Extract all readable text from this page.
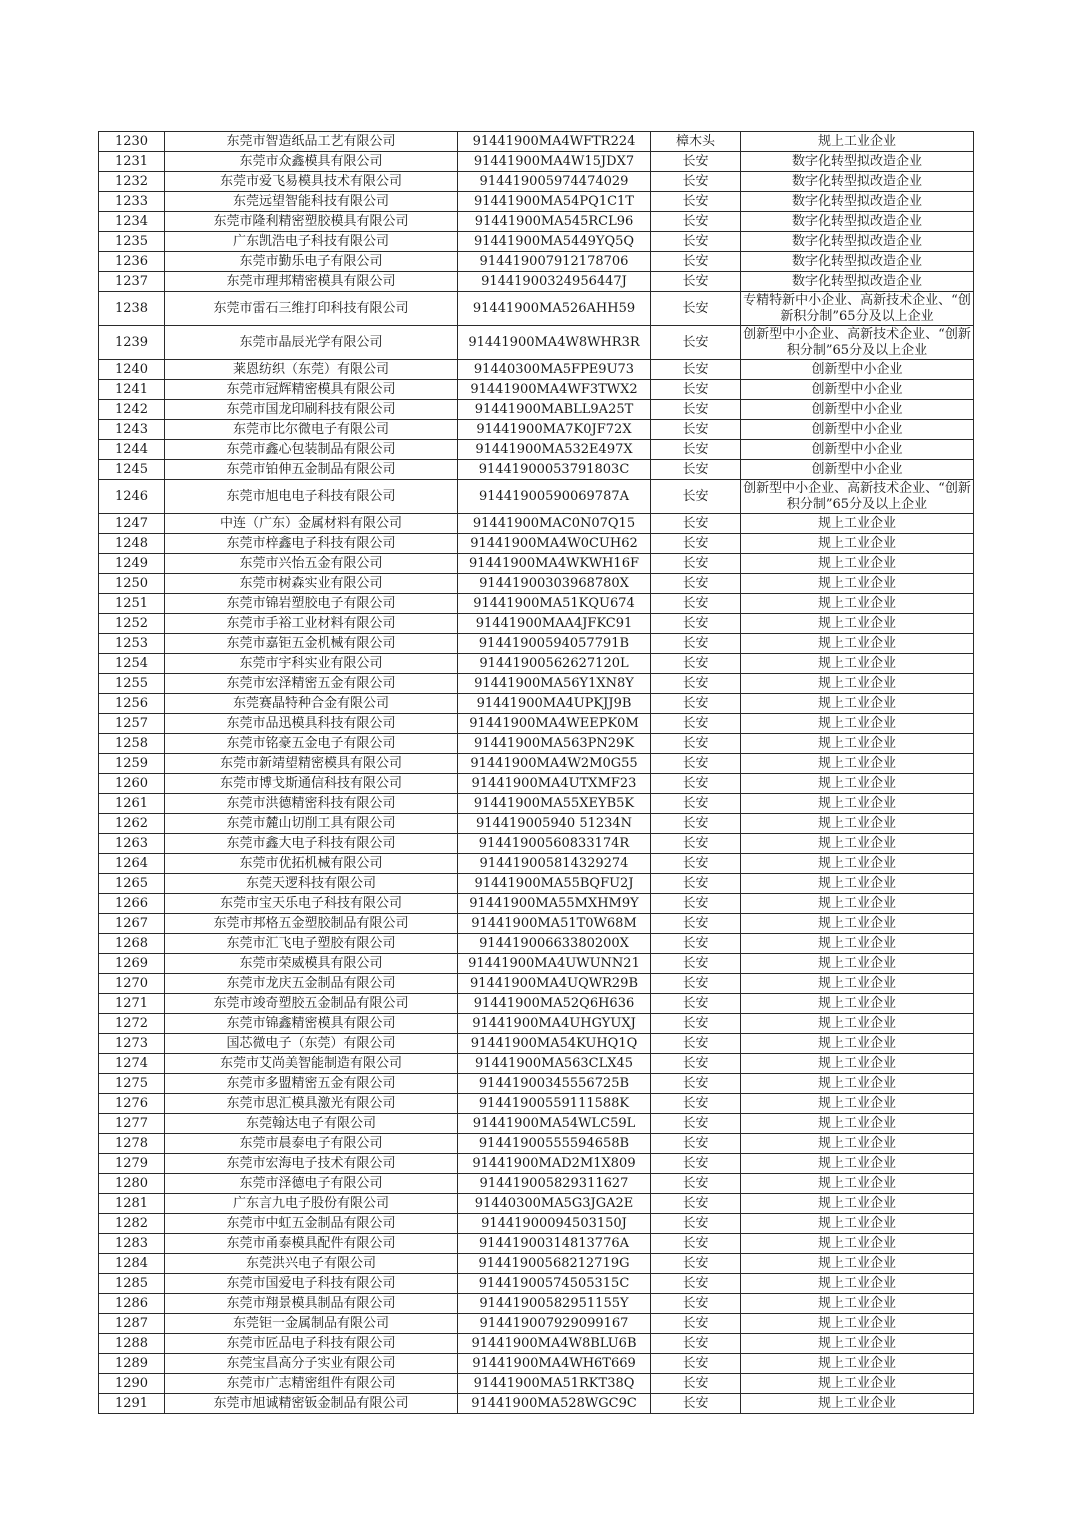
1230	东莞市智造纸品工艺有限公司	91441900MA4WFTR224	樟木头	规上工业企业
1231	东莞市众鑫模具有限公司	91441900MA4W15JDX7	长安	数字化转型拟改造企业
1232	东莞市爱飞易模具技术有限公司	914419005974474029	长安	数字化转型拟改造企业
1233	东莞远望智能科技有限公司	91441900MA54PQ1C1T	长安	数字化转型拟改造企业
1234	东莞市隆利精密塑胶模具有限公司	91441900MA545RCL96	长安	数字化转型拟改造企业
1235	广东凯浩电子科技有限公司	91441900MA5449YQ5Q	长安	数字化转型拟改造企业
1236	东莞市勤乐电子有限公司	914419007912178706	长安	数字化转型拟改造企业
1237	东莞市理邦精密模具有限公司	91441900324956447J	长安	数字化转型拟改造企业
1238	东莞市雷石三维打印科技有限公司	91441900MA526AHH59	长安	专精特新中小企业、高新技术企业、“创新积分制”65分及以上企业
1239	东莞市晶辰光学有限公司	91441900MA4W8WHR3R	长安	创新型中小企业、高新技术企业、“创新积分制”65分及以上企业
1240	莱恩纺织（东莞）有限公司	91440300MA5FPE9U73	长安	创新型中小企业
1241	东莞市冠辉精密模具有限公司	91441900MA4WF3TWX2	长安	创新型中小企业
1242	东莞市国龙印刷科技有限公司	91441900MABLL9A25T	长安	创新型中小企业
1243	东莞市比尔微电子有限公司	91441900MA7K0JF72X	长安	创新型中小企业
1244	东莞市鑫心包装制品有限公司	91441900MA532E497X	长安	创新型中小企业
1245	东莞市铂伸五金制品有限公司	91441900053791803C	长安	创新型中小企业
1246	东莞市旭电电子科技有限公司	91441900590069787A	长安	创新型中小企业、高新技术企业、“创新积分制”65分及以上企业
1247	中连（广东）金属材料有限公司	91441900MAC0N07Q15	长安	规上工业企业
1248	东莞市梓鑫电子科技有限公司	91441900MA4W0CUH62	长安	规上工业企业
1249	东莞市兴怡五金有限公司	91441900MA4WKWH16F	长安	规上工业企业
1250	东莞市树森实业有限公司	91441900303968780X	长安	规上工业企业
1251	东莞市锦岩塑胶电子有限公司	91441900MA51KQU674	长安	规上工业企业
1252	东莞市手裕工业材料有限公司	91441900MAA4JFKC91	长安	规上工业企业
1253	东莞市嘉钜五金机械有限公司	91441900594057791B	长安	规上工业企业
1254	东莞市宇科实业有限公司	91441900562627120L	长安	规上工业企业
1255	东莞市宏泽精密五金有限公司	91441900MA56Y1XN8Y	长安	规上工业企业
1256	东莞赛晶特种合金有限公司	91441900MA4UPKJJ9B	长安	规上工业企业
1257	东莞市品迅模具科技有限公司	91441900MA4WEEPK0M	长安	规上工业企业
1258	东莞市铭豪五金电子有限公司	91441900MA563PN29K	长安	规上工业企业
1259	东莞市新靖望精密模具有限公司	91441900MA4W2M0G55	长安	规上工业企业
1260	东莞市博戈斯通信科技有限公司	91441900MA4UTXMF23	长安	规上工业企业
1261	东莞市洪德精密科技有限公司	91441900MA55XEYB5K	长安	规上工业企业
1262	东莞市麓山切削工具有限公司	914419005940 51234N	长安	规上工业企业
1263	东莞市鑫大电子科技有限公司	91441900560833174R	长安	规上工业企业
1264	东莞市优拓机械有限公司	914419005814329274	长安	规上工业企业
1265	东莞天逻科技有限公司	91441900MA55BQFU2J	长安	规上工业企业
1266	东莞市宝天乐电子科技有限公司	91441900MA55MXHM9Y	长安	规上工业企业
1267	东莞市邦格五金塑胶制品有限公司	91441900MA51T0W68M	长安	规上工业企业
1268	东莞市汇飞电子塑胶有限公司	91441900663380200X	长安	规上工业企业
1269	东莞市荣威模具有限公司	91441900MA4UWUNN21	长安	规上工业企业
1270	东莞市龙庆五金制品有限公司	91441900MA4UQWR29B	长安	规上工业企业
1271	东莞市竣奇塑胶五金制品有限公司	91441900MA52Q6H636	长安	规上工业企业
1272	东莞市锦鑫精密模具有限公司	91441900MA4UHGYUXJ	长安	规上工业企业
1273	国芯微电子（东莞）有限公司	91441900MA54KUHQ1Q	长安	规上工业企业
1274	东莞市艾尚美智能制造有限公司	91441900MA563CLX45	长安	规上工业企业
1275	东莞市多盟精密五金有限公司	91441900345556725B	长安	规上工业企业
1276	东莞市思汇模具激光有限公司	91441900559111588K	长安	规上工业企业
1277	东莞翰达电子有限公司	91441900MA54WLC59L	长安	规上工业企业
1278	东莞市晨泰电子有限公司	91441900555594658B	长安	规上工业企业
1279	东莞市宏海电子技术有限公司	91441900MAD2M1X809	长安	规上工业企业
1280	东莞市泽德电子有限公司	914419005829311627	长安	规上工业企业
1281	广东言九电子股份有限公司	91440300MA5G3JGA2E	长安	规上工业企业
1282	东莞市中虹五金制品有限公司	91441900094503150J	长安	规上工业企业
1283	东莞市甬泰模具配件有限公司	91441900314813776A	长安	规上工业企业
1284	东莞洪兴电子有限公司	91441900568212719G	长安	规上工业企业
1285	东莞市国爱电子科技有限公司	91441900574505315C	长安	规上工业企业
1286	东莞市翔景模具制品有限公司	91441900582951155Y	长安	规上工业企业
1287	东莞钜一金属制品有限公司	914419007929099167	长安	规上工业企业
1288	东莞市匠品电子科技有限公司	91441900MA4W8BLU6B	长安	规上工业企业
1289	东莞宝昌高分子实业有限公司	91441900MA4WH6T669	长安	规上工业企业
1290	东莞市广志精密组件有限公司	91441900MA51RKT38Q	长安	规上工业企业
1291	东莞市旭诚精密钣金制品有限公司	91441900MA528WGC9C	长安	规上工业企业
